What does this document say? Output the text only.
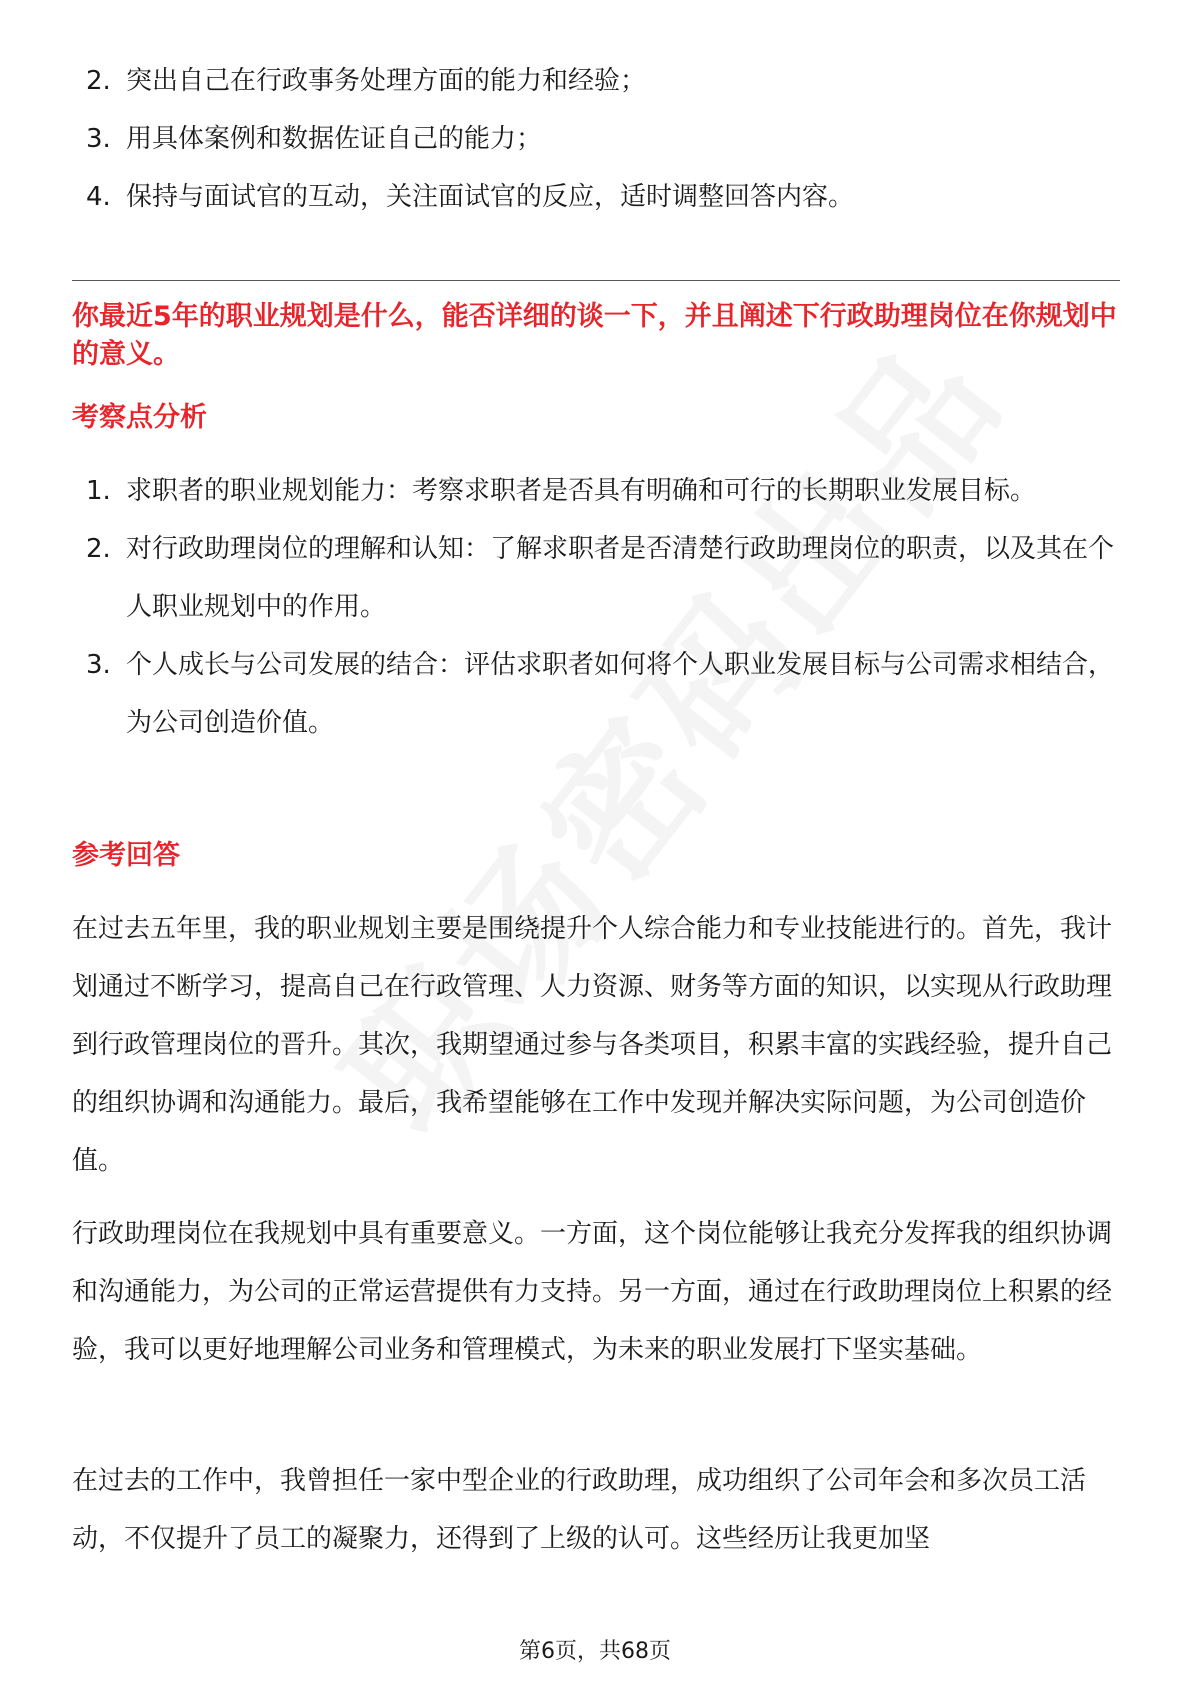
2. 突出自己在行政事务处理方面的能力和经验；
3. 用具体案例和数据佐证自己的能力；
4. 保持与面试官的互动，关注面试官的反应，适时调整回答内容。
你最近5年的职业规划是什么，能否详细的谈一下，并且阐述下行政助理岗位在你规划中的意义。
考察点分析
1. 求职者的职业规划能力：考察求职者是否具有明确和可行的长期职业发展目标。
2. 对行政助理岗位的理解和认知：了解求职者是否清楚行政助理岗位的职责，以及其在个人职业规划中的作用。
3. 个人成长与公司发展的结合：评估求职者如何将个人职业发展目标与公司需求相结合，为公司创造价值。
参考回答

在过去五年里，我的职业规划主要是围绕提升个人综合能力和专业技能进行的。首先，我计划通过不断学习，提高自己在行政管理、人力资源、财务等方面的知识，以实现从行政助理到行政管理岗位的晋升。其次，我期望通过参与各类项目，积累丰富的实践经验，提升自己的组织协调和沟通能力。最后，我希望能够在工作中发现并解决实际问题，为公司创造价值。

行政助理岗位在我规划中具有重要意义。一方面，这个岗位能够让我充分发挥我的组织协调和沟通能力，为公司的正常运营提供有力支持。另一方面，通过在行政助理岗位上积累的经验，我可以更好地理解公司业务和管理模式，为未来的职业发展打下坚实基础。

在过去的工作中，我曾担任一家中型企业的行政助理，成功组织了公司年会和多次员工活动，不仅提升了员工的凝聚力，还得到了上级的认可。这些经历让我更加坚

第6页，共68页
